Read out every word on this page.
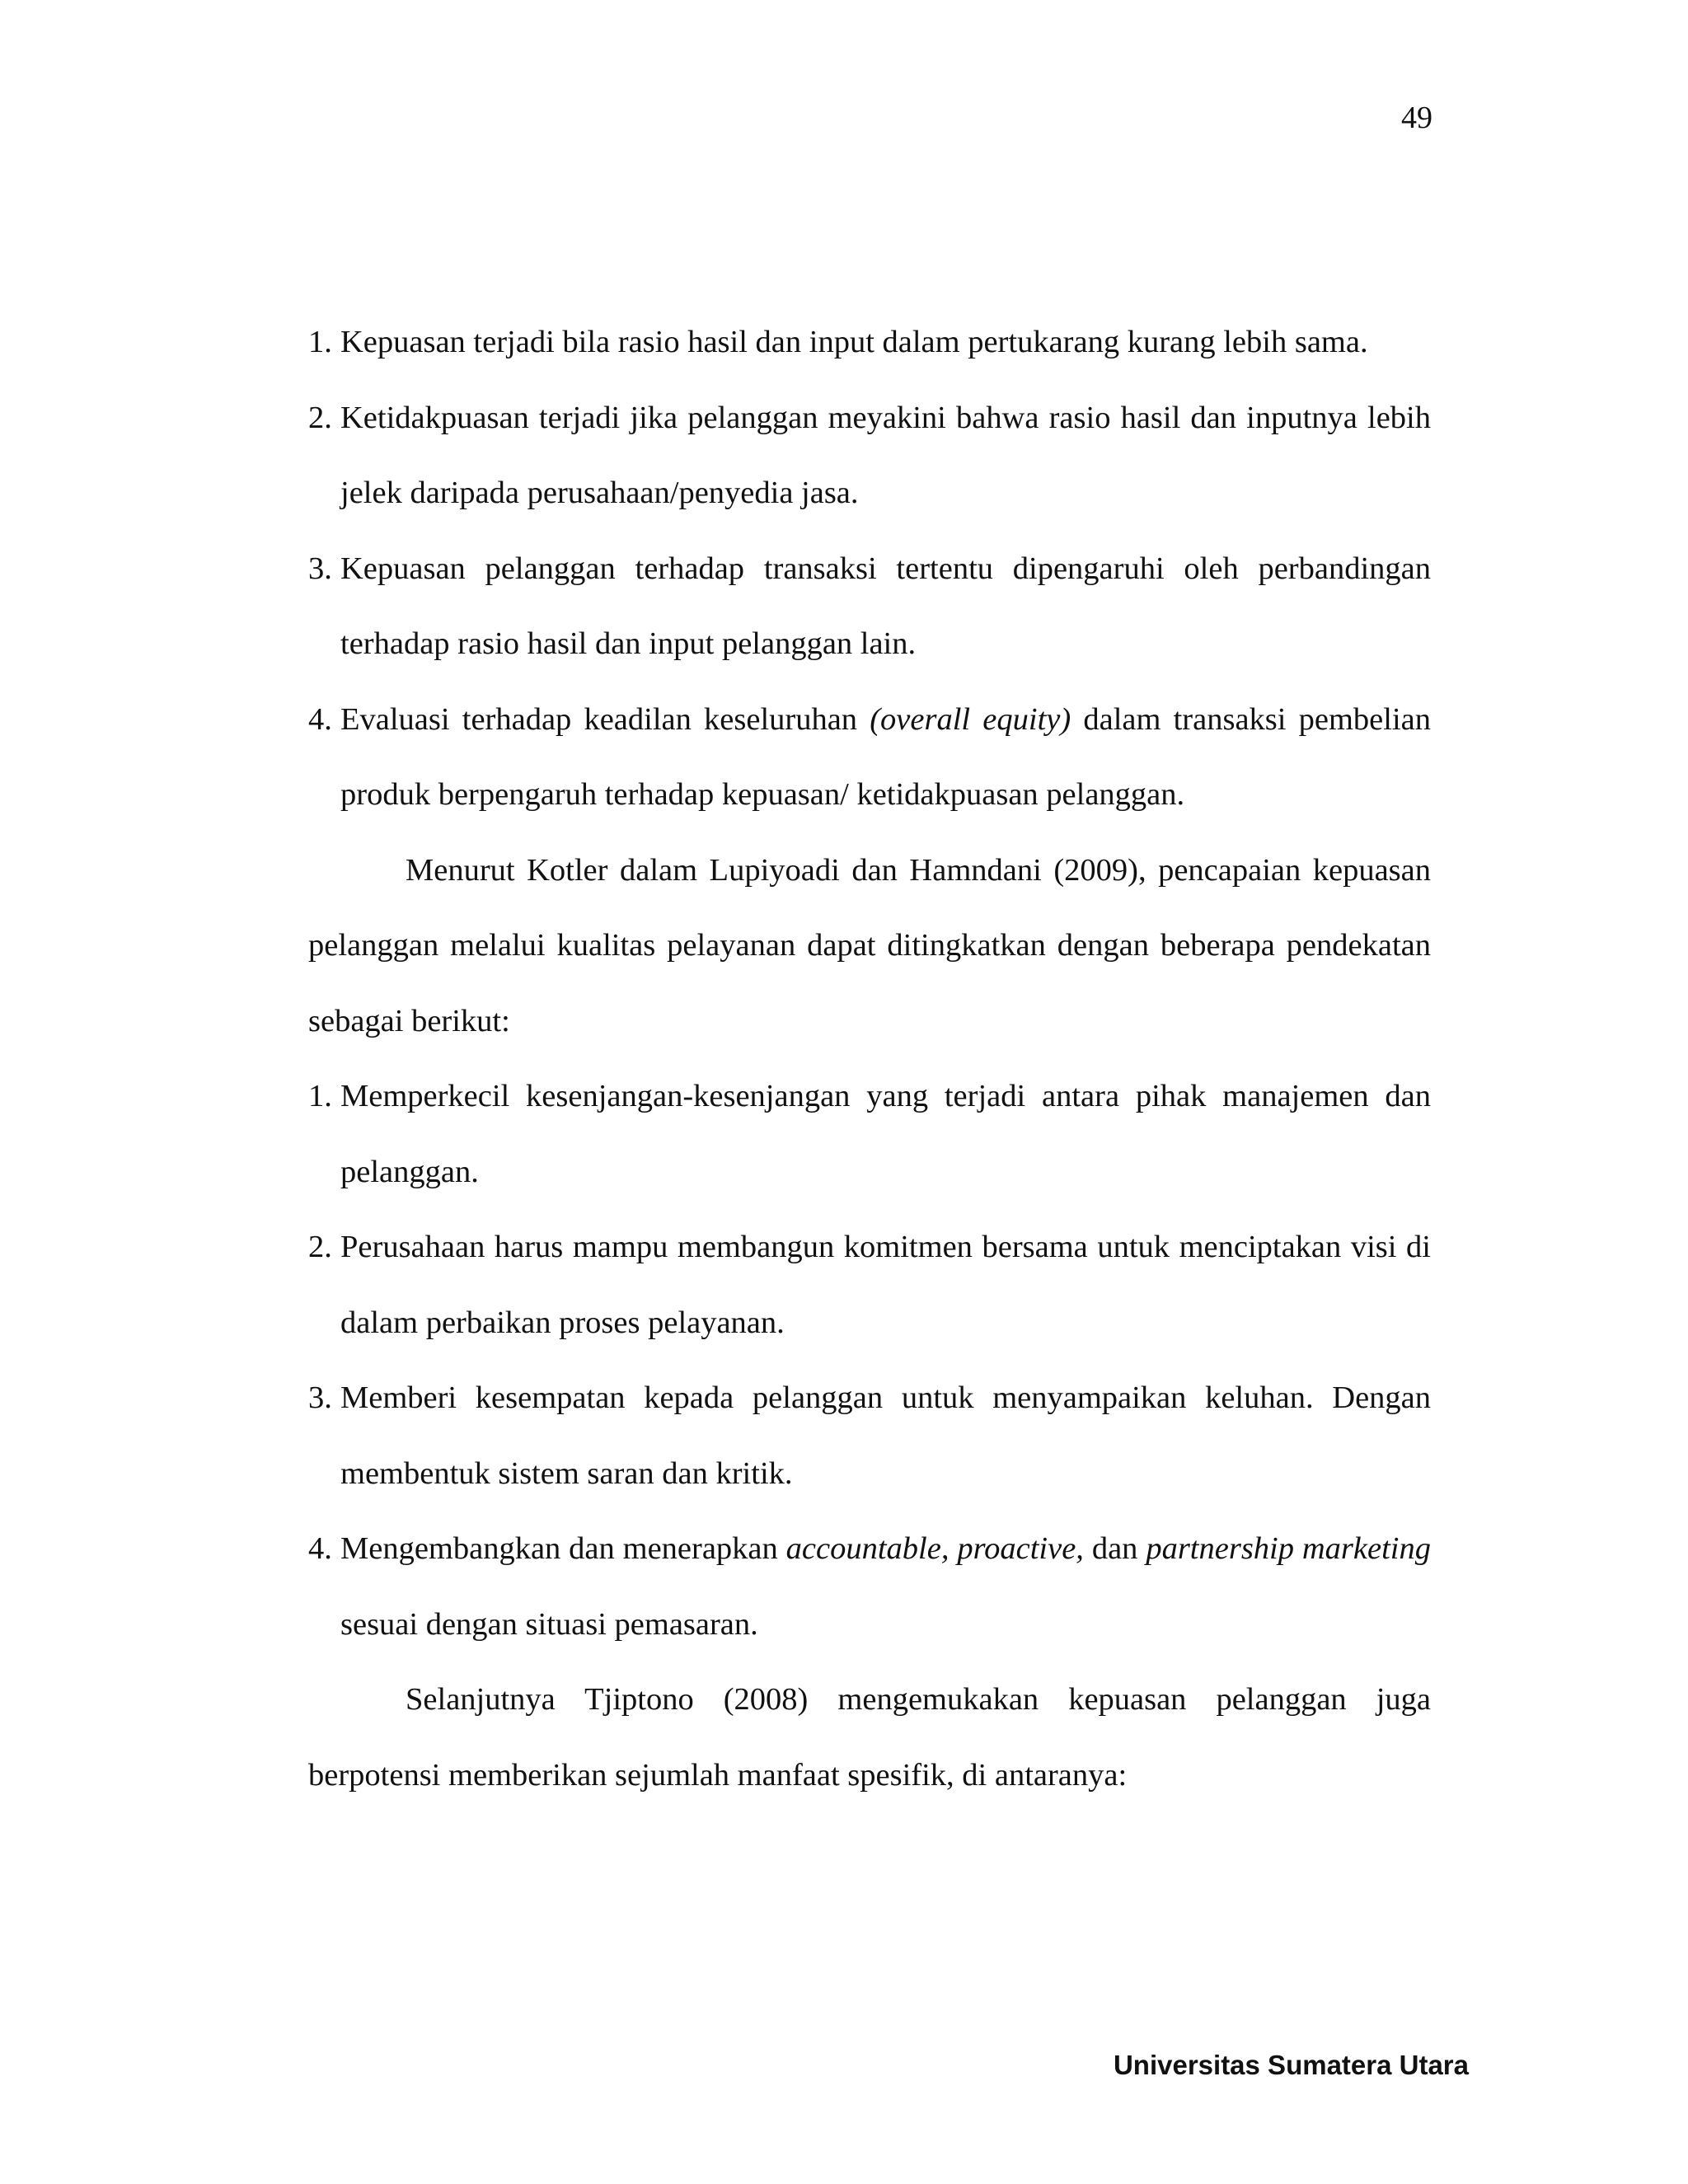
49
1. Kepuasan terjadi bila rasio hasil dan input dalam pertukarang kurang lebih sama.
2. Ketidakpuasan terjadi jika pelanggan meyakini bahwa rasio hasil dan inputnya lebih jelek daripada perusahaan/penyedia jasa.
3. Kepuasan pelanggan terhadap transaksi tertentu dipengaruhi oleh perbandingan terhadap rasio hasil dan input pelanggan lain.
4. Evaluasi terhadap keadilan keseluruhan (overall equity) dalam transaksi pembelian produk berpengaruh terhadap kepuasan/ ketidakpuasan pelanggan.

Menurut Kotler dalam Lupiyoadi dan Hamndani (2009), pencapaian kepuasan pelanggan melalui kualitas pelayanan dapat ditingkatkan dengan beberapa pendekatan sebagai berikut:

1. Memperkecil kesenjangan-kesenjangan yang terjadi antara pihak manajemen dan pelanggan.
2. Perusahaan harus mampu membangun komitmen bersama untuk menciptakan visi di dalam perbaikan proses pelayanan.
3. Memberi kesempatan kepada pelanggan untuk menyampaikan keluhan. Dengan membentuk sistem saran dan kritik.
4. Mengembangkan dan menerapkan accountable, proactive, dan partnership marketing sesuai dengan situasi pemasaran.

Selanjutnya Tjiptono (2008) mengemukakan kepuasan pelanggan juga berpotensi memberikan sejumlah manfaat spesifik, di antaranya:

Universitas Sumatera Utara
